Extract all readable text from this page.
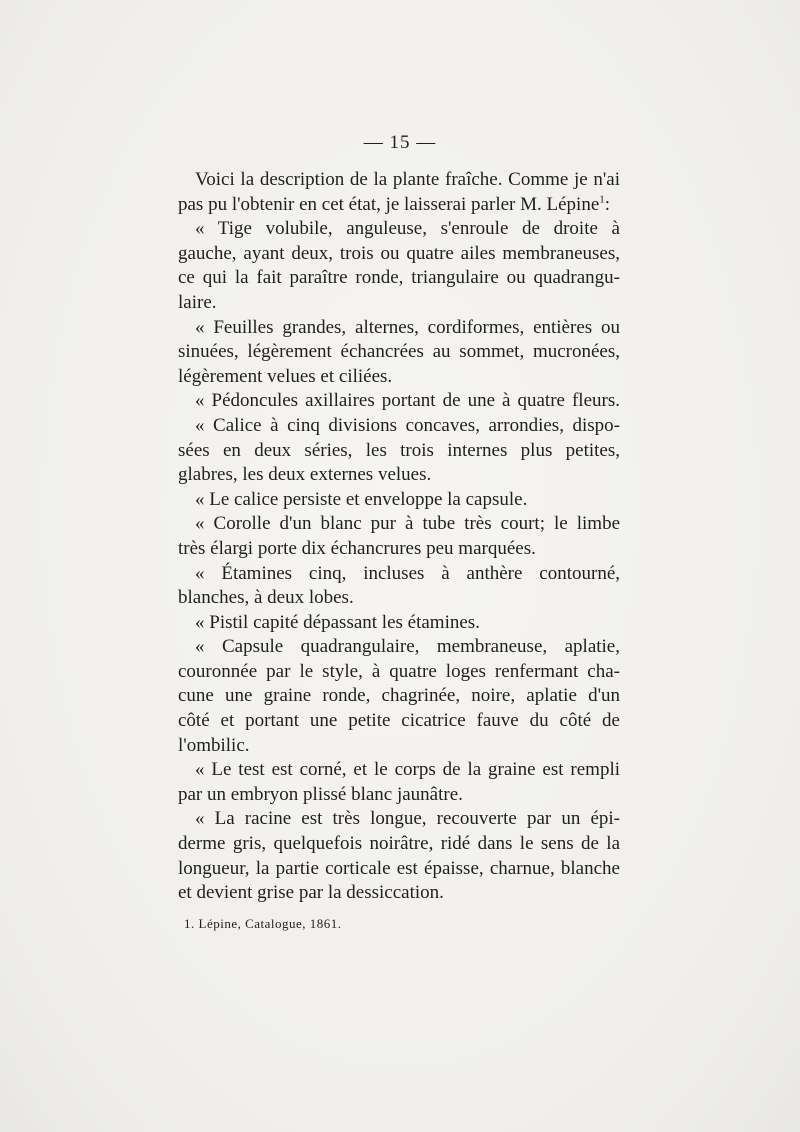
— 15 —
Voici la description de la plante fraîche. Comme je n'ai
pas pu l'obtenir en cet état, je laisserai parler M. Lépine$^1$:
« Tige volubile, anguleuse, s'enroule de droite à
gauche, ayant deux, trois ou quatre ailes membraneuses,
ce qui la fait paraître ronde, triangulaire ou quadrangu-
laire.
« Feuilles grandes, alternes, cordiformes, entières ou
sinuées, légèrement échancrées au sommet, mucronées,
légèrement velues et ciliées.
« Pédoncules axillaires portant de une à quatre fleurs.
« Calice à cinq divisions concaves, arrondies, dispo-
sées en deux séries, les trois internes plus petites,
glabres, les deux externes velues.
« Le calice persiste et enveloppe la capsule.
« Corolle d'un blanc pur à tube très court; le limbe
très élargi porte dix échancrures peu marquées.
« Étamines cinq, incluses à anthère contourné,
blanches, à deux lobes.
« Pistil capité dépassant les étamines.
« Capsule quadrangulaire, membraneuse, aplatie,
couronnée par le style, à quatre loges renfermant cha-
cune une graine ronde, chagrinée, noire, aplatie d'un
côté et portant une petite cicatrice fauve du côté de
l'ombilic.
« Le test est corné, et le corps de la graine est rempli
par un embryon plissé blanc jaunâtre.
« La racine est très longue, recouverte par un épi-
derme gris, quelquefois noirâtre, ridé dans le sens de la
longueur, la partie corticale est épaisse, charnue, blanche
et devient grise par la dessiccation.
1. Lépine, Catalogue, 1861.
